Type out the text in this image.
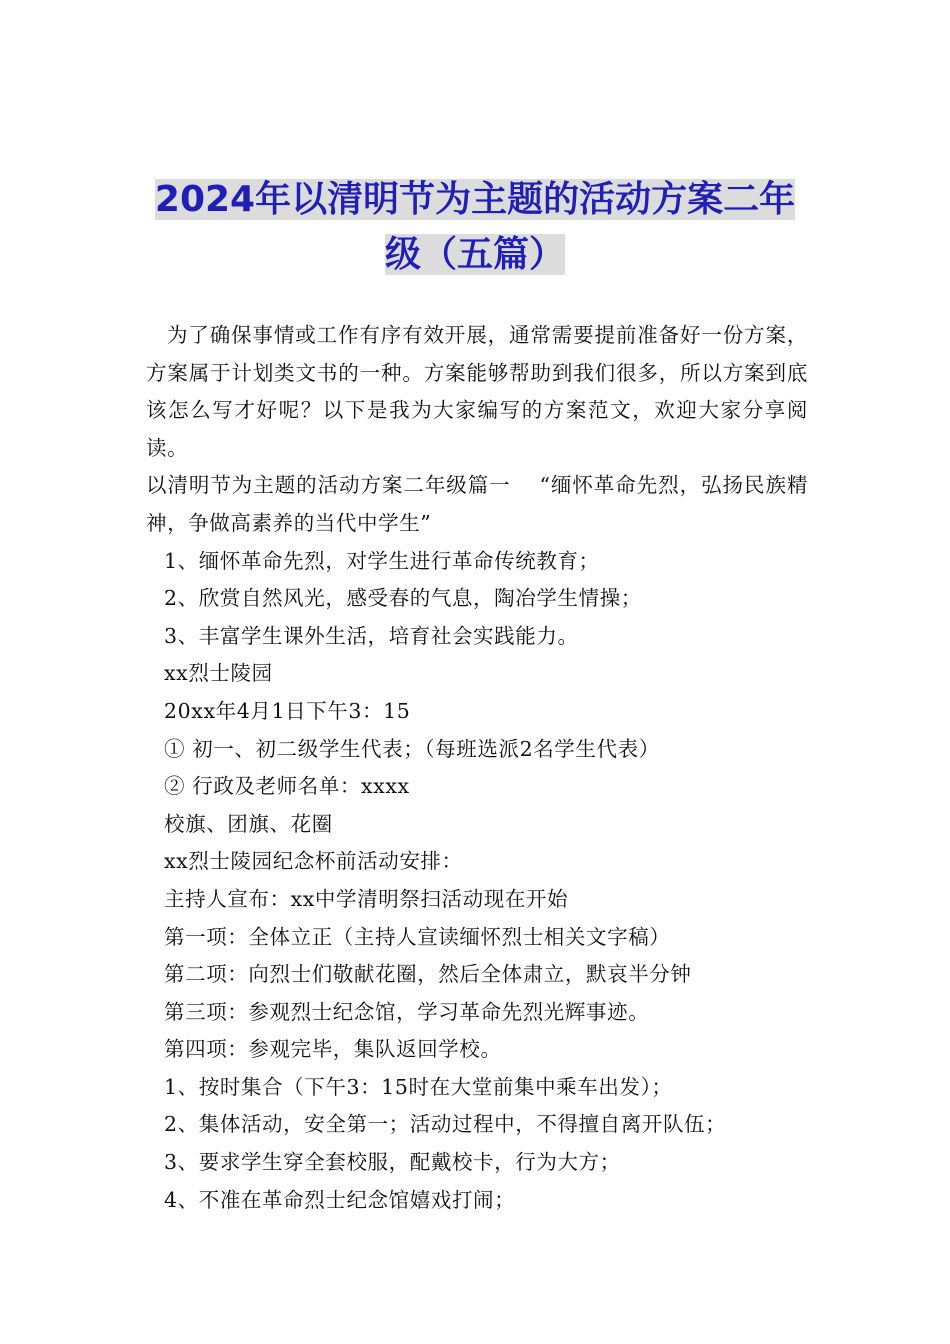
2024年以清明节为主题的活动方案二年
级（五篇）

为了确保事情或工作有序有效开展，通常需要提前准备好一份方案，方案属于计划类文书的一种。方案能够帮助到我们很多，所以方案到底该怎么写才好呢？以下是我为大家编写的方案范文，欢迎大家分享阅读。

以清明节为主题的活动方案二年级篇一　 “缅怀革命先烈，弘扬民族精神，争做高素养的当代中学生”

1、缅怀革命先烈，对学生进行革命传统教育；

2、欣赏自然风光，感受春的气息，陶冶学生情操；

3、丰富学生课外生活，培育社会实践能力。

xx烈士陵园

20xx年4月1日下午3：15

① 初一、初二级学生代表；（每班选派2名学生代表）

② 行政及老师名单：xxxx

校旗、团旗、花圈

xx烈士陵园纪念杯前活动安排：

主持人宣布：xx中学清明祭扫活动现在开始

第一项：全体立正（主持人宣读缅怀烈士相关文字稿）

第二项：向烈士们敬献花圈，然后全体肃立，默哀半分钟

第三项：参观烈士纪念馆，学习革命先烈光辉事迹。

第四项：参观完毕，集队返回学校。

1、按时集合（下午3：15时在大堂前集中乘车出发）；

2、集体活动，安全第一；活动过程中，不得擅自离开队伍；

3、要求学生穿全套校服，配戴校卡，行为大方；

4、不准在革命烈士纪念馆嬉戏打闹；
